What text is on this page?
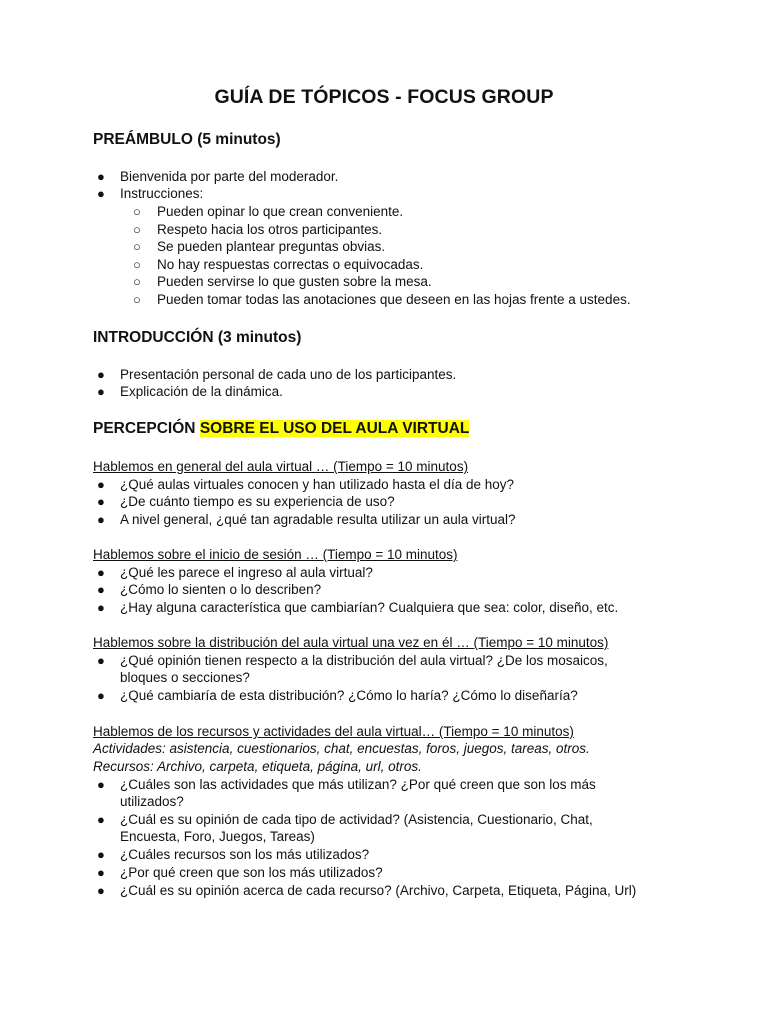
GUÍA DE TÓPICOS - FOCUS GROUP
PREÁMBULO (5 minutos)
● Bienvenida por parte del moderador.
● Instrucciones:
○ Pueden opinar lo que crean conveniente.
○ Respeto hacia los otros participantes.
○ Se pueden plantear preguntas obvias.
○ No hay respuestas correctas o equivocadas.
○ Pueden servirse lo que gusten sobre la mesa.
○ Pueden tomar todas las anotaciones que deseen en las hojas frente a ustedes.
INTRODUCCIÓN (3 minutos)
● Presentación personal de cada uno de los participantes.
● Explicación de la dinámica.
PERCEPCIÓN SOBRE EL USO DEL AULA VIRTUAL
Hablemos en general del aula virtual … (Tiempo = 10 minutos)
● ¿Qué aulas virtuales conocen y han utilizado hasta el día de hoy?
● ¿De cuánto tiempo es su experiencia de uso?
● A nivel general, ¿qué tan agradable resulta utilizar un aula virtual?
Hablemos sobre el inicio de sesión … (Tiempo = 10 minutos)
● ¿Qué les parece el ingreso al aula virtual?
● ¿Cómo lo sienten o lo describen?
● ¿Hay alguna característica que cambiarían? Cualquiera que sea: color, diseño, etc.
Hablemos sobre la distribución del aula virtual una vez en él … (Tiempo = 10 minutos)
● ¿Qué opinión tienen respecto a la distribución del aula virtual? ¿De los mosaicos,
bloques o secciones?
● ¿Qué cambiaría de esta distribución? ¿Cómo lo haría? ¿Cómo lo diseñaría?
Hablemos de los recursos y actividades del aula virtual… (Tiempo = 10 minutos)
Actividades: asistencia, cuestionarios, chat, encuestas, foros, juegos, tareas, otros.
Recursos: Archivo, carpeta, etiqueta, página, url, otros.
● ¿Cuáles son las actividades que más utilizan? ¿Por qué creen que son los más
utilizados?
● ¿Cuál es su opinión de cada tipo de actividad? (Asistencia, Cuestionario, Chat,
Encuesta, Foro, Juegos, Tareas)
● ¿Cuáles recursos son los más utilizados?
● ¿Por qué creen que son los más utilizados?
● ¿Cuál es su opinión acerca de cada recurso? (Archivo, Carpeta, Etiqueta, Página, Url)
